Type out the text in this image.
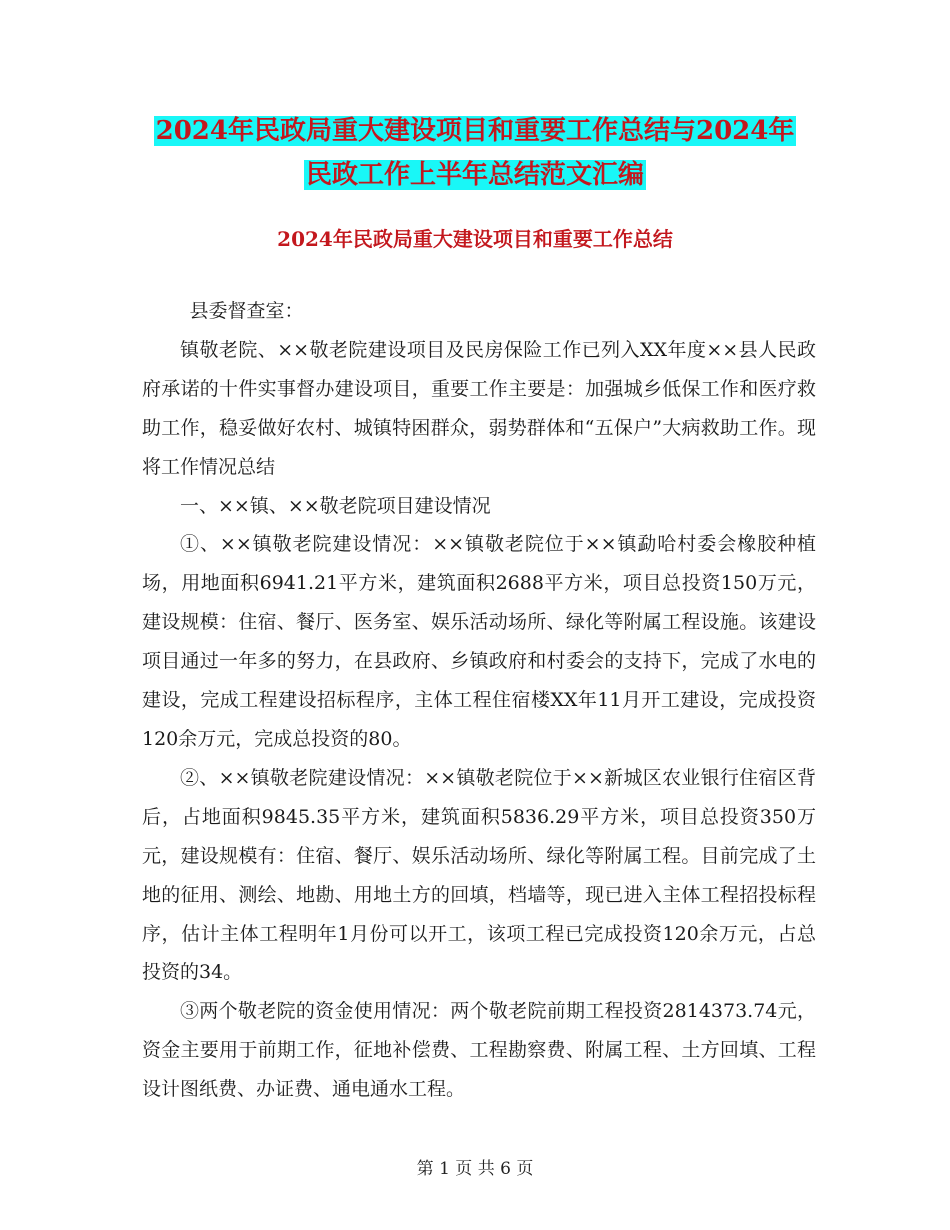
2024年民政局重大建设项目和重要工作总结与2024年
民政工作上半年总结范文汇编
2024年民政局重大建设项目和重要工作总结

县委督查室：

镇敬老院、××敬老院建设项目及民房保险工作已列入XX年度××县人民政府承诺的十件实事督办建设项目，重要工作主要是：加强城乡低保工作和医疗救助工作，稳妥做好农村、城镇特困群众，弱势群体和“五保户”大病救助工作。现将工作情况总结

一、××镇、××敬老院项目建设情况

①、××镇敬老院建设情况：××镇敬老院位于××镇勐哈村委会橡胶种植场，用地面积6941.21平方米，建筑面积2688平方米，项目总投资150万元，建设规模：住宿、餐厅、医务室、娱乐活动场所、绿化等附属工程设施。该建设项目通过一年多的努力，在县政府、乡镇政府和村委会的支持下，完成了水电的建设，完成工程建设招标程序，主体工程住宿楼XX年11月开工建设，完成投资120余万元，完成总投资的80。

②、××镇敬老院建设情况：××镇敬老院位于××新城区农业银行住宿区背后，占地面积9845.35平方米，建筑面积5836.29平方米，项目总投资350万元，建设规模有：住宿、餐厅、娱乐活动场所、绿化等附属工程。目前完成了土地的征用、测绘、地勘、用地土方的回填，档墙等，现已进入主体工程招投标程序，估计主体工程明年1月份可以开工，该项工程已完成投资120余万元，占总投资的34。

③两个敬老院的资金使用情况：两个敬老院前期工程投资2814373.74元，资金主要用于前期工作，征地补偿费、工程勘察费、附属工程、土方回填、工程设计图纸费、办证费、通电通水工程。

第 1 页 共 6 页
